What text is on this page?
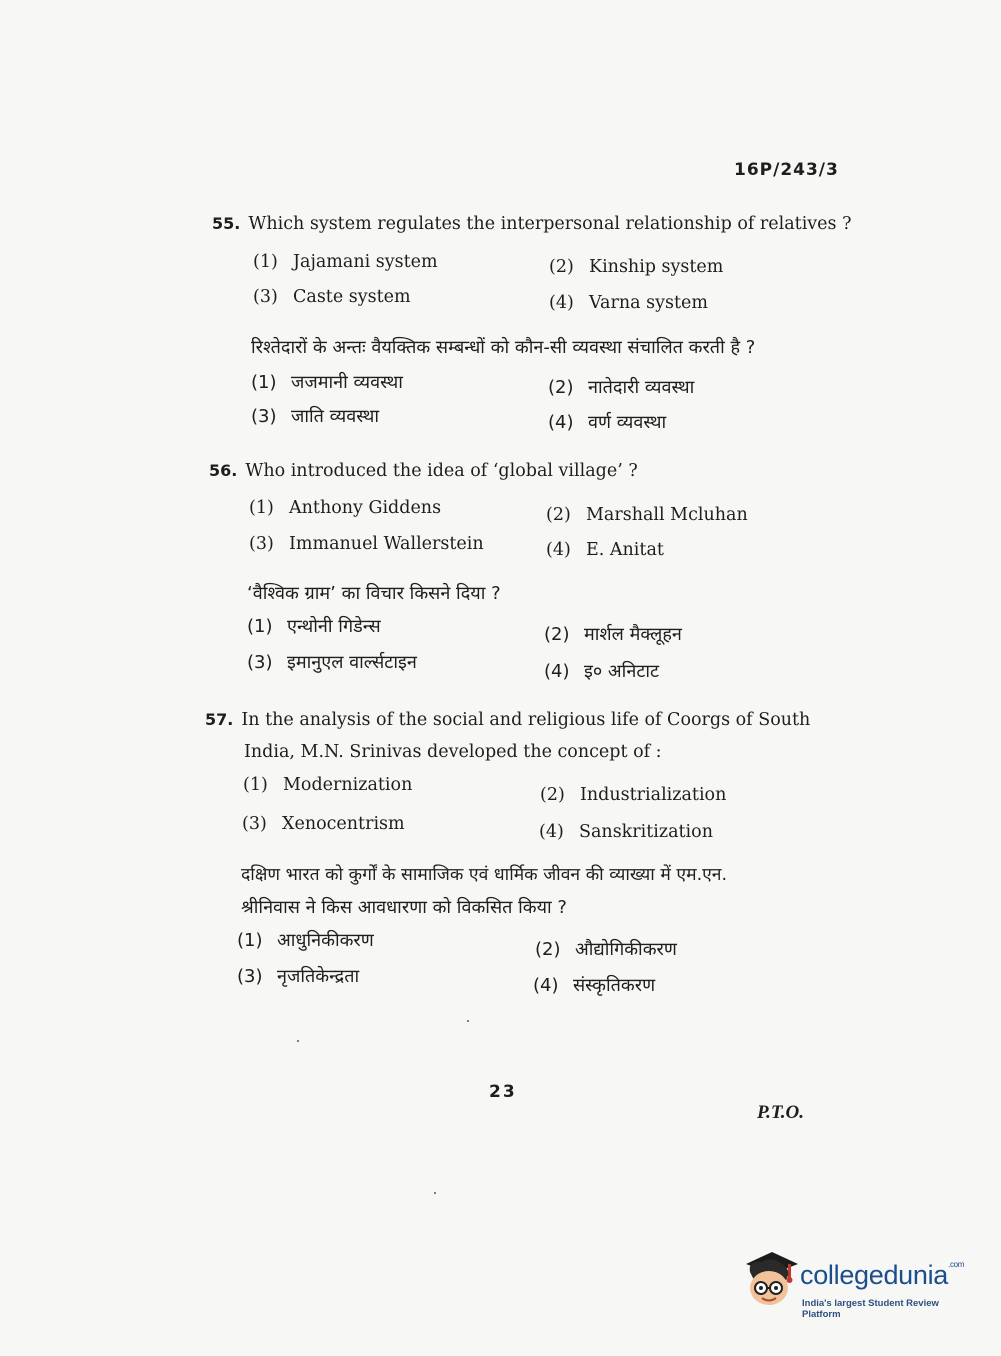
16P/243/3
55. Which system regulates the interpersonal relationship of relatives ?
(1) Jajamani system	(2) Kinship system
(3) Caste system	(4) Varna system
रिश्तेदारों के अन्तः वैयक्तिक सम्बन्धों को कौन-सी व्यवस्था संचालित करती है ?
(1) जजमानी व्यवस्था	(2) नातेदारी व्यवस्था
(3) जाति व्यवस्था	(4) वर्ण व्यवस्था
56. Who introduced the idea of ‘global village’ ?
(1) Anthony Giddens	(2) Marshall Mcluhan
(3) Immanuel Wallerstein	(4) E. Anitat
‘वैश्विक ग्राम’ का विचार किसने दिया ?
(1) एन्थोनी गिडेन्स	(2) मार्शल मैक्लूहन
(3) इमानुएल वार्ल्सटाइन	(4) इ० अनिटाट
57. In the analysis of the social and religious life of Coorgs of South
India, M.N. Srinivas developed the concept of :
(1) Modernization	(2) Industrialization
(3) Xenocentrism	(4) Sanskritization
दक्षिण भारत को कुर्गों के सामाजिक एवं धार्मिक जीवन की व्याख्या में एम.एन.
श्रीनिवास ने किस आवधारणा को विकसित किया ?
(1) आधुनिकीकरण	(2) औद्योगिकीकरण
(3) नृजतिकेन्द्रता	(4) संस्कृतिकरण
23
P.T.O.
collegedunia$^{.com}$
India's largest Student Review Platform
